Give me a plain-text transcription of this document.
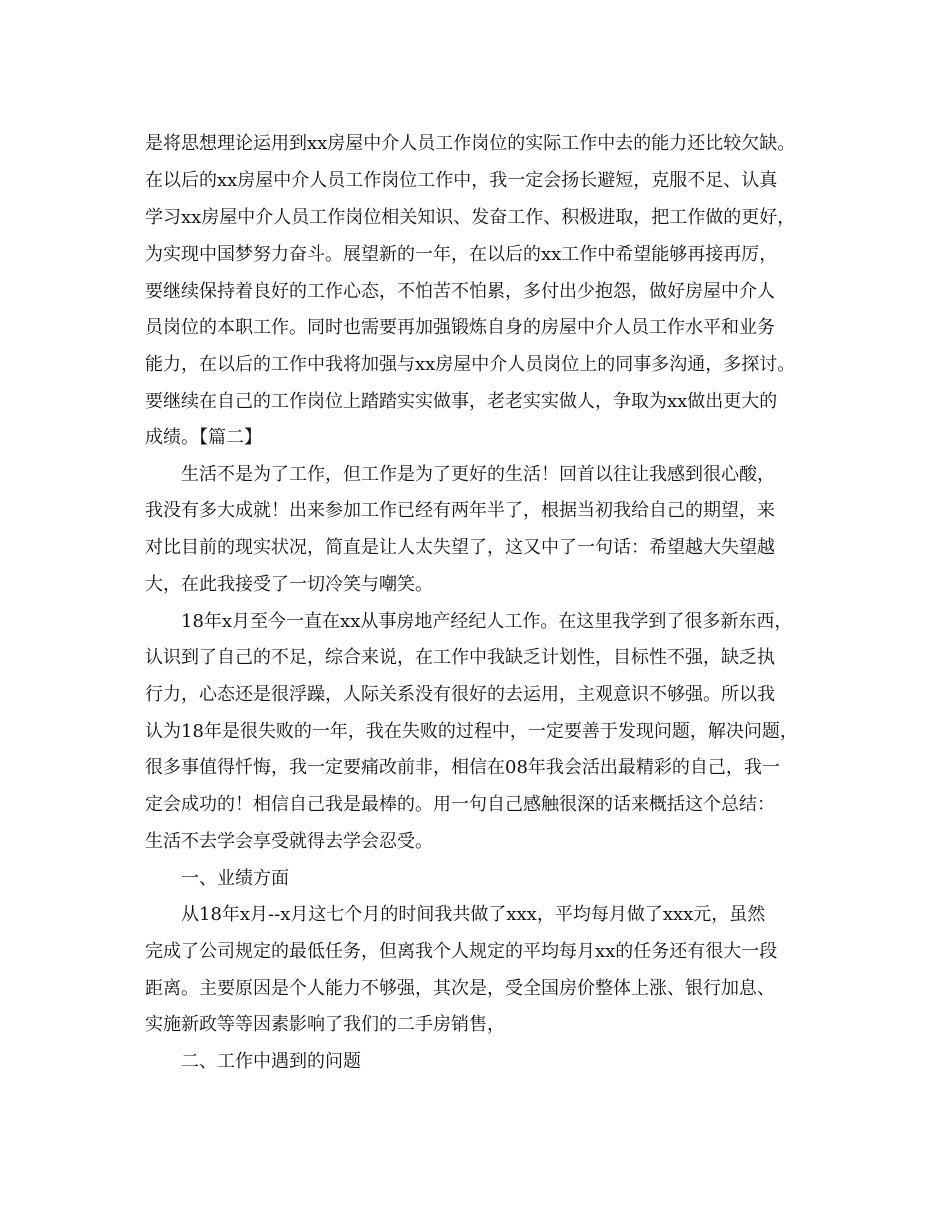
是将思想理论运用到xx房屋中介人员工作岗位的实际工作中去的能力还比较欠缺。
在以后的xx房屋中介人员工作岗位工作中，我一定会扬长避短，克服不足、认真
学习xx房屋中介人员工作岗位相关知识、发奋工作、积极进取，把工作做的更好，
为实现中国梦努力奋斗。展望新的一年，在以后的xx工作中希望能够再接再厉，
要继续保持着良好的工作心态，不怕苦不怕累，多付出少抱怨，做好房屋中介人
员岗位的本职工作。同时也需要再加强锻炼自身的房屋中介人员工作水平和业务
能力，在以后的工作中我将加强与xx房屋中介人员岗位上的同事多沟通，多探讨。
要继续在自己的工作岗位上踏踏实实做事，老老实实做人，争取为xx做出更大的
成绩。【篇二】
生活不是为了工作，但工作是为了更好的生活！回首以往让我感到很心酸，
我没有多大成就！出来参加工作已经有两年半了，根据当初我给自己的期望，来
对比目前的现实状况，简直是让人太失望了，这又中了一句话：希望越大失望越
大，在此我接受了一切冷笑与嘲笑。
18年x月至今一直在xx从事房地产经纪人工作。在这里我学到了很多新东西，
认识到了自己的不足，综合来说，在工作中我缺乏计划性，目标性不强，缺乏执
行力，心态还是很浮躁，人际关系没有很好的去运用，主观意识不够强。所以我
认为18年是很失败的一年，我在失败的过程中，一定要善于发现问题，解决问题，
很多事值得忏悔，我一定要痛改前非，相信在08年我会活出最精彩的自己，我一
定会成功的！相信自己我是最棒的。用一句自己感触很深的话来概括这个总结：
生活不去学会享受就得去学会忍受。
一、业绩方面
从18年x月--x月这七个月的时间我共做了xxx，平均每月做了xxx元，虽然
完成了公司规定的最低任务，但离我个人规定的平均每月xx的任务还有很大一段
距离。主要原因是个人能力不够强，其次是，受全国房价整体上涨、银行加息、
实施新政等等因素影响了我们的二手房销售，
二、工作中遇到的问题
